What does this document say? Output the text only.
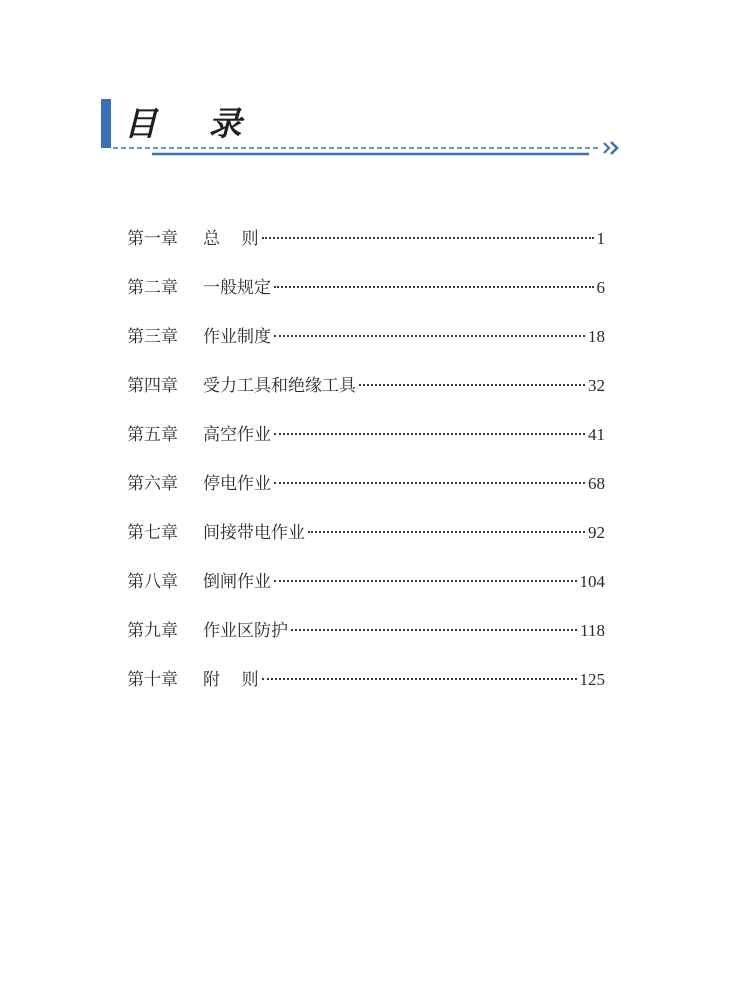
目 录
第一章	总    则	1
第二章	一般规定	6
第三章	作业制度	18
第四章	受力工具和绝缘工具	32
第五章	高空作业	41
第六章	停电作业	68
第七章	间接带电作业	92
第八章	倒闸作业	104
第九章	作业区防护	118
第十章	附    则	125
